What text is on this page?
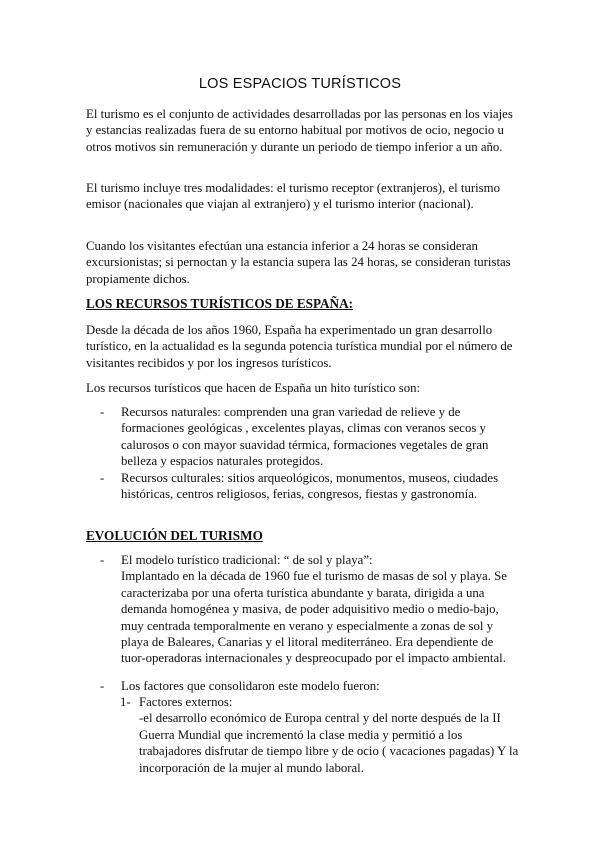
LOS ESPACIOS TURÍSTICOS

El turismo es el conjunto de actividades desarrolladas por las personas en los viajes y estancias realizadas fuera de su entorno habitual por motivos de ocio, negocio u otros motivos sin remuneración y durante un periodo de tiempo inferior a un año.

El turismo incluye tres modalidades: el turismo receptor (extranjeros), el turismo emisor (nacionales que viajan al extranjero) y el turismo interior (nacional).

Cuando los visitantes efectúan una estancia inferior a 24 horas se consideran excursionistas; si pernoctan y la estancia supera las 24 horas, se consideran turistas propiamente dichos.

LOS RECURSOS TURÍSTICOS DE ESPAÑA:

Desde la década de los años 1960, España ha experimentado un gran desarrollo turístico, en la actualidad es la segunda potencia turística mundial por el número de visitantes recibidos y por los ingresos turísticos.

Los recursos turísticos que hacen de España un hito turístico son:

- Recursos naturales: comprenden una gran variedad de relieve y de formaciones geológicas , excelentes playas, climas con veranos secos y calurosos o con mayor suavidad térmica, formaciones vegetales de gran belleza y espacios naturales protegidos.
- Recursos culturales: sitios arqueológicos, monumentos, museos, ciudades históricas, centros religiosos, ferias, congresos, fiestas y gastronomía.

EVOLUCIÓN DEL TURISMO

- El modelo turístico tradicional: “ de sol y playa”:
Implantado en la década de 1960 fue el turismo de masas de sol y playa. Se caracterizaba por una oferta turística abundante y barata, dirigida a una demanda homogénea y masiva, de poder adquisitivo medio o medio-bajo, muy centrada temporalmente en verano y especialmente a zonas de sol y playa de Baleares, Canarias y el litoral mediterráneo. Era dependiente de tuor-operadoras internacionales y despreocupado por el impacto ambiental.
- Los factores que consolidaron este modelo fueron:
1- Factores externos:
-el desarrollo económico de Europa central y del norte después de la II Guerra Mundial que incrementó la clase media y permitió a los trabajadores disfrutar de tiempo libre y de ocio ( vacaciones pagadas) Y la incorporación de la mujer al mundo laboral.
